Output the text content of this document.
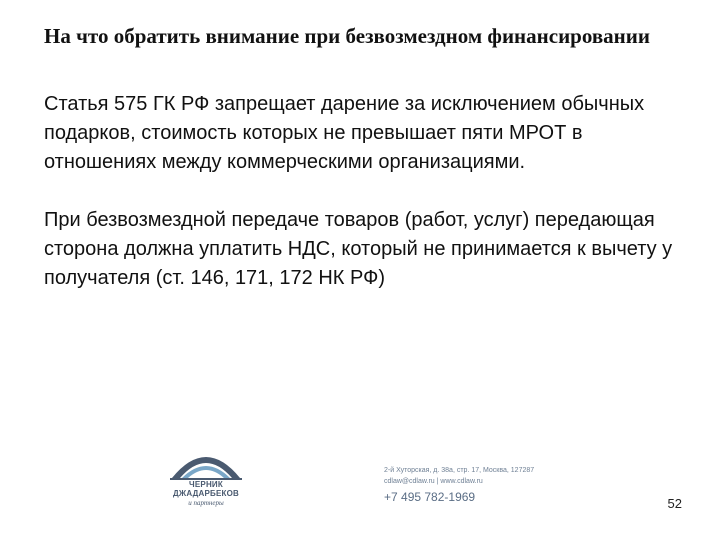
На что обратить внимание при безвозмездном финансировании

Статья 575 ГК РФ запрещает дарение за исключением обычных подарков, стоимость которых не превышает пяти МРОТ в отношениях между коммерческими организациями.

При безвозмездной передаче товаров (работ, услуг) передающая сторона должна уплатить НДС, который не принимается к вычету у получателя (ст. 146, 171, 172 НК РФ)

ЧЕРНИК
ДЖАДАРБЕКОВ
и партнеры
2-й Хуторская, д. 38а, стр. 17, Москва, 127287
cdlaw@cdlaw.ru | www.cdlaw.ru
+7 495 782-1969	52
